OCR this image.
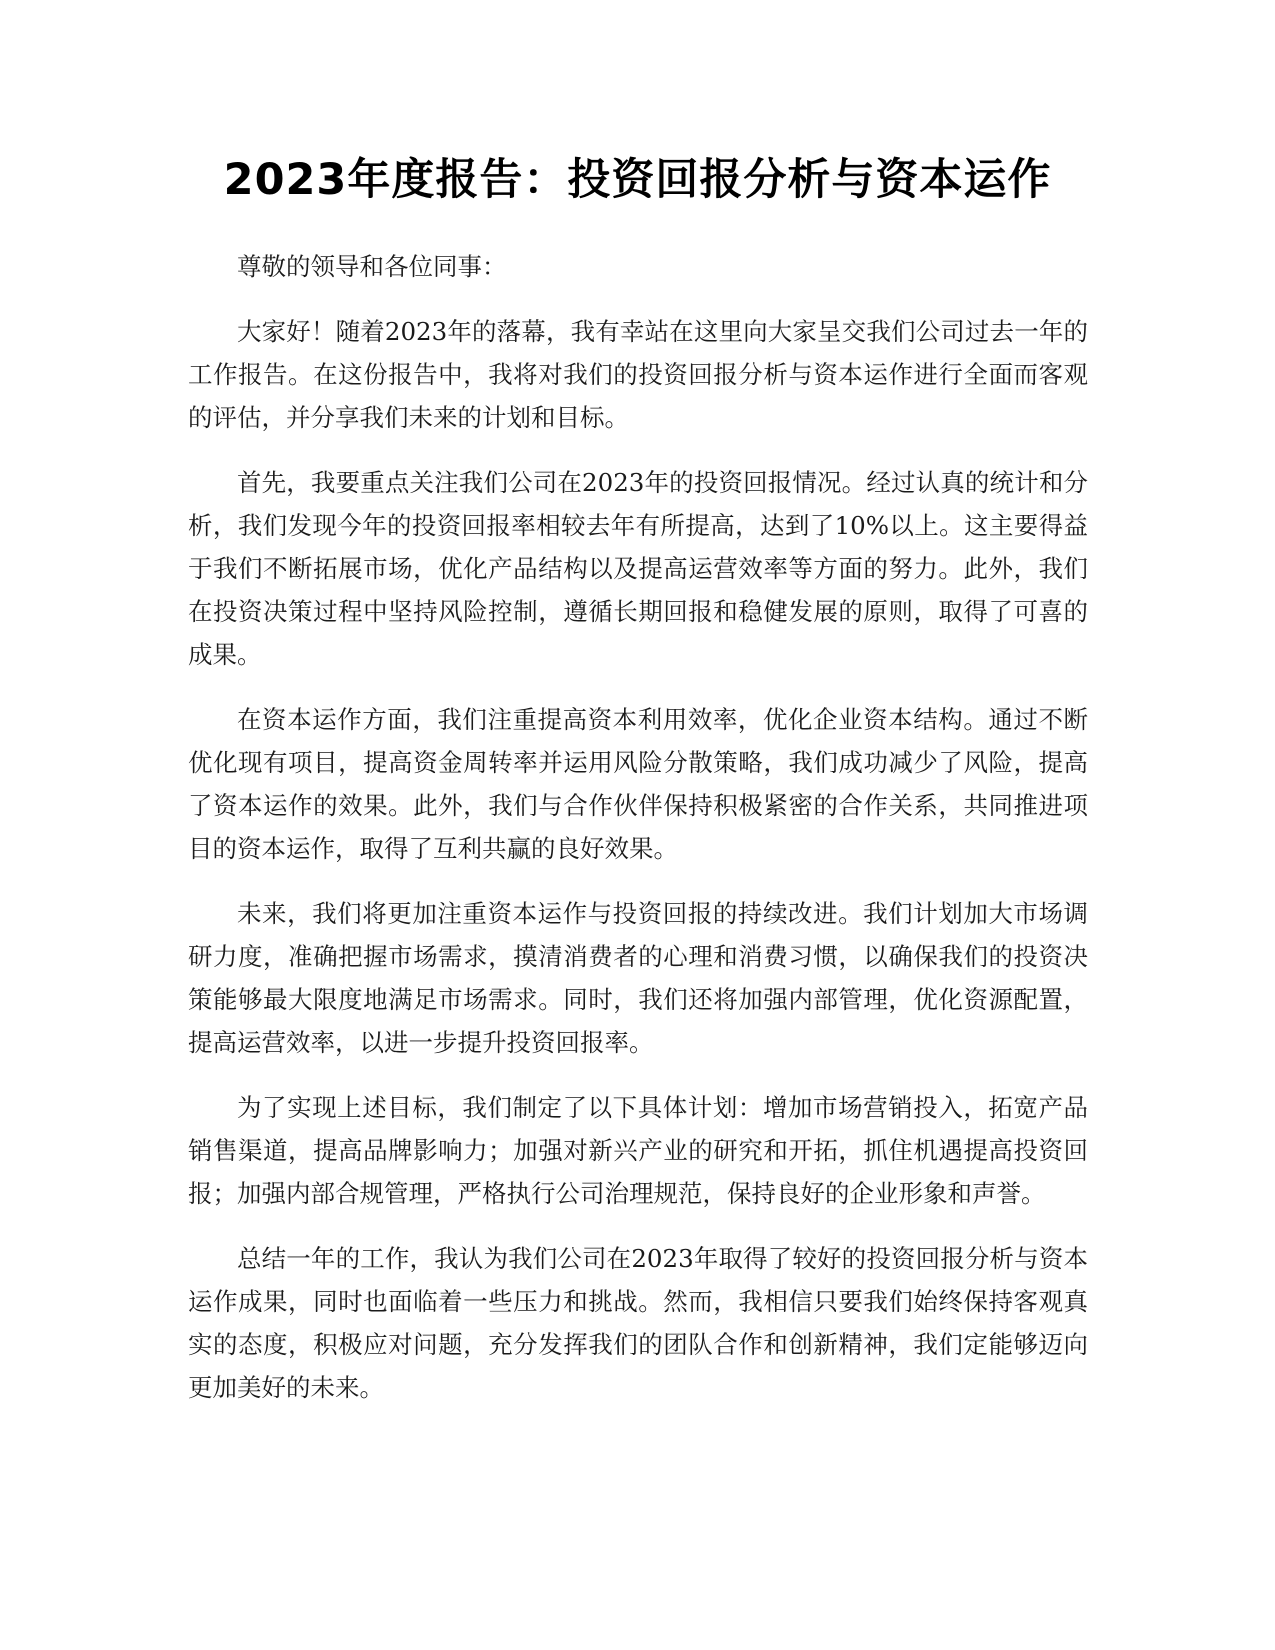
2023年度报告：投资回报分析与资本运作

尊敬的领导和各位同事：

大家好！随着2023年的落幕，我有幸站在这里向大家呈交我们公司过去一年的工作报告。在这份报告中，我将对我们的投资回报分析与资本运作进行全面而客观的评估，并分享我们未来的计划和目标。

首先，我要重点关注我们公司在2023年的投资回报情况。经过认真的统计和分析，我们发现今年的投资回报率相较去年有所提高，达到了10%以上。这主要得益于我们不断拓展市场，优化产品结构以及提高运营效率等方面的努力。此外，我们在投资决策过程中坚持风险控制，遵循长期回报和稳健发展的原则，取得了可喜的成果。

在资本运作方面，我们注重提高资本利用效率，优化企业资本结构。通过不断优化现有项目，提高资金周转率并运用风险分散策略，我们成功减少了风险，提高了资本运作的效果。此外，我们与合作伙伴保持积极紧密的合作关系，共同推进项目的资本运作，取得了互利共赢的良好效果。

未来，我们将更加注重资本运作与投资回报的持续改进。我们计划加大市场调研力度，准确把握市场需求，摸清消费者的心理和消费习惯，以确保我们的投资决策能够最大限度地满足市场需求。同时，我们还将加强内部管理，优化资源配置，提高运营效率，以进一步提升投资回报率。

为了实现上述目标，我们制定了以下具体计划：增加市场营销投入，拓宽产品销售渠道，提高品牌影响力；加强对新兴产业的研究和开拓，抓住机遇提高投资回报；加强内部合规管理，严格执行公司治理规范，保持良好的企业形象和声誉。

总结一年的工作，我认为我们公司在2023年取得了较好的投资回报分析与资本运作成果，同时也面临着一些压力和挑战。然而，我相信只要我们始终保持客观真实的态度，积极应对问题，充分发挥我们的团队合作和创新精神，我们定能够迈向更加美好的未来。
